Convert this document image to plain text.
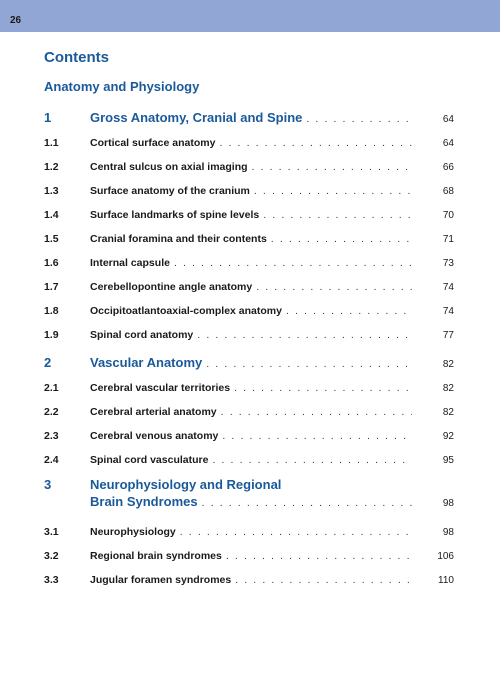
26
Contents
Anatomy and Physiology
1	Gross Anatomy, Cranial and Spine . . .	64
1.1	Cortical surface anatomy . . .	64
1.2	Central sulcus on axial imaging . . .	66
1.3	Surface anatomy of the cranium . . .	68
1.4	Surface landmarks of spine levels . . .	70
1.5	Cranial foramina and their contents . . .	71
1.6	Internal capsule . . .	73
1.7	Cerebellopontine angle anatomy . . .	74
1.8	Occipitoatlantoaxial-complex anatomy . . .	74
1.9	Spinal cord anatomy . . .	77
2	Vascular Anatomy . . .	82
2.1	Cerebral vascular territories . . .	82
2.2	Cerebral arterial anatomy . . .	82
2.3	Cerebral venous anatomy . . .	92
2.4	Spinal cord vasculature . . .	95
3	Neurophysiology and Regional
Brain Syndromes . . .	98
3.1	Neurophysiology . . .	98
3.2	Regional brain syndromes . . .	106
3.3	Jugular foramen syndromes . . .	110
